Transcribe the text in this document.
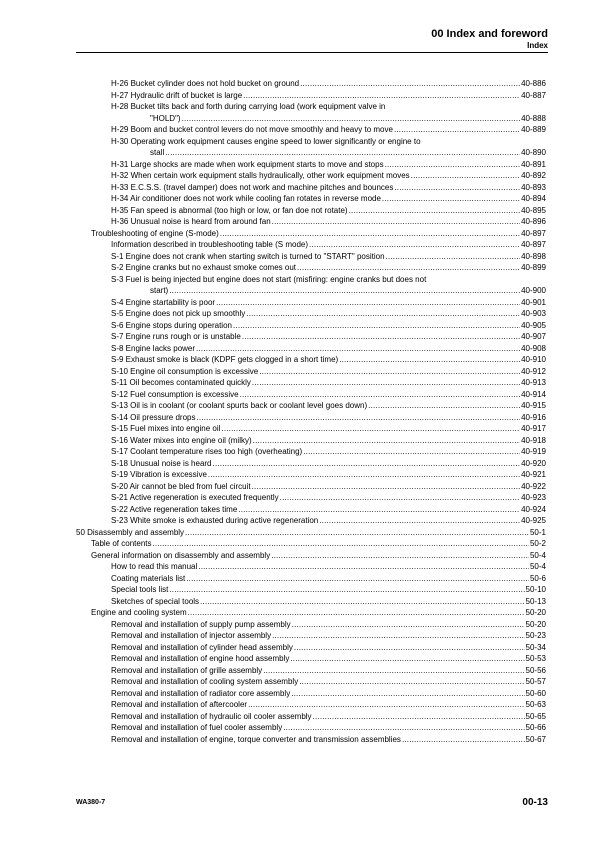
00 Index and foreword
Index
H-26 Bucket cylinder does not hold bucket on ground .....	40-886
H-27 Hydraulic drift of bucket is large .....	40-887
H-28 Bucket tilts back and forth during carrying load (work equipment valve in
"HOLD") .....	40-888
H-29 Boom and bucket control levers do not move smoothly and heavy to move .....	40-889
H-30 Operating work equipment causes engine speed to lower significantly or engine to
stall .....	40-890
H-31 Large shocks are made when work equipment starts to move and stops .....	40-891
H-32 When certain work equipment stalls hydraulically, other work equipment moves .....	40-892
H-33 E.C.S.S. (travel damper) does not work and machine pitches and bounces .....	40-893
H-34 Air conditioner does not work while cooling fan rotates in reverse mode .....	40-894
H-35 Fan speed is abnormal (too high or low, or fan doe not rotate) .....	40-895
H-36 Unusual noise is heard from around fan .....	40-896
Troubleshooting of engine (S-mode) .....	40-897
Information described in troubleshooting table (S mode) .....	40-897
S-1 Engine does not crank when starting switch is turned to "START" position .....	40-898
S-2 Engine cranks but no exhaust smoke comes out .....	40-899
S-3 Fuel is being injected but engine does not start (misfiring: engine cranks but does not
start) .....	40-900
S-4 Engine startability is poor .....	40-901
S-5 Engine does not pick up smoothly .....	40-903
S-6 Engine stops during operation .....	40-905
S-7 Engine runs rough or is unstable .....	40-907
S-8 Engine lacks power .....	40-908
S-9 Exhaust smoke is black (KDPF gets clogged in a short time) .....	40-910
S-10 Engine oil consumption is excessive .....	40-912
S-11 Oil becomes contaminated quickly .....	40-913
S-12 Fuel consumption is excessive .....	40-914
S-13 Oil is in coolant (or coolant spurts back or coolant level goes down) .....	40-915
S-14 Oil pressure drops .....	40-916
S-15 Fuel mixes into engine oil .....	40-917
S-16 Water mixes into engine oil (milky) .....	40-918
S-17 Coolant temperature rises too high (overheating) .....	40-919
S-18 Unusual noise is heard .....	40-920
S-19 Vibration is excessive .....	40-921
S-20 Air cannot be bled from fuel circuit .....	40-922
S-21 Active regeneration is executed frequently .....	40-923
S-22 Active regeneration takes time .....	40-924
S-23 White smoke is exhausted during active regeneration .....	40-925
50 Disassembly and assembly .....	50-1
Table of contents .....	50-2
General information on disassembly and assembly .....	50-4
How to read this manual .....	50-4
Coating materials list .....	50-6
Special tools list .....	50-10
Sketches of special tools .....	50-13
Engine and cooling system .....	50-20
Removal and installation of supply pump assembly .....	50-20
Removal and installation of injector assembly .....	50-23
Removal and installation of cylinder head assembly .....	50-34
Removal and installation of engine hood assembly .....	50-53
Removal and installation of grille assembly .....	50-56
Removal and installation of cooling system assembly .....	50-57
Removal and installation of radiator core assembly .....	50-60
Removal and installation of aftercooler .....	50-63
Removal and installation of hydraulic oil cooler assembly .....	50-65
Removal and installation of fuel cooler assembly .....	50-66
Removal and installation of engine, torque converter and transmission assemblies .....	50-67
WA380-7	00-13
